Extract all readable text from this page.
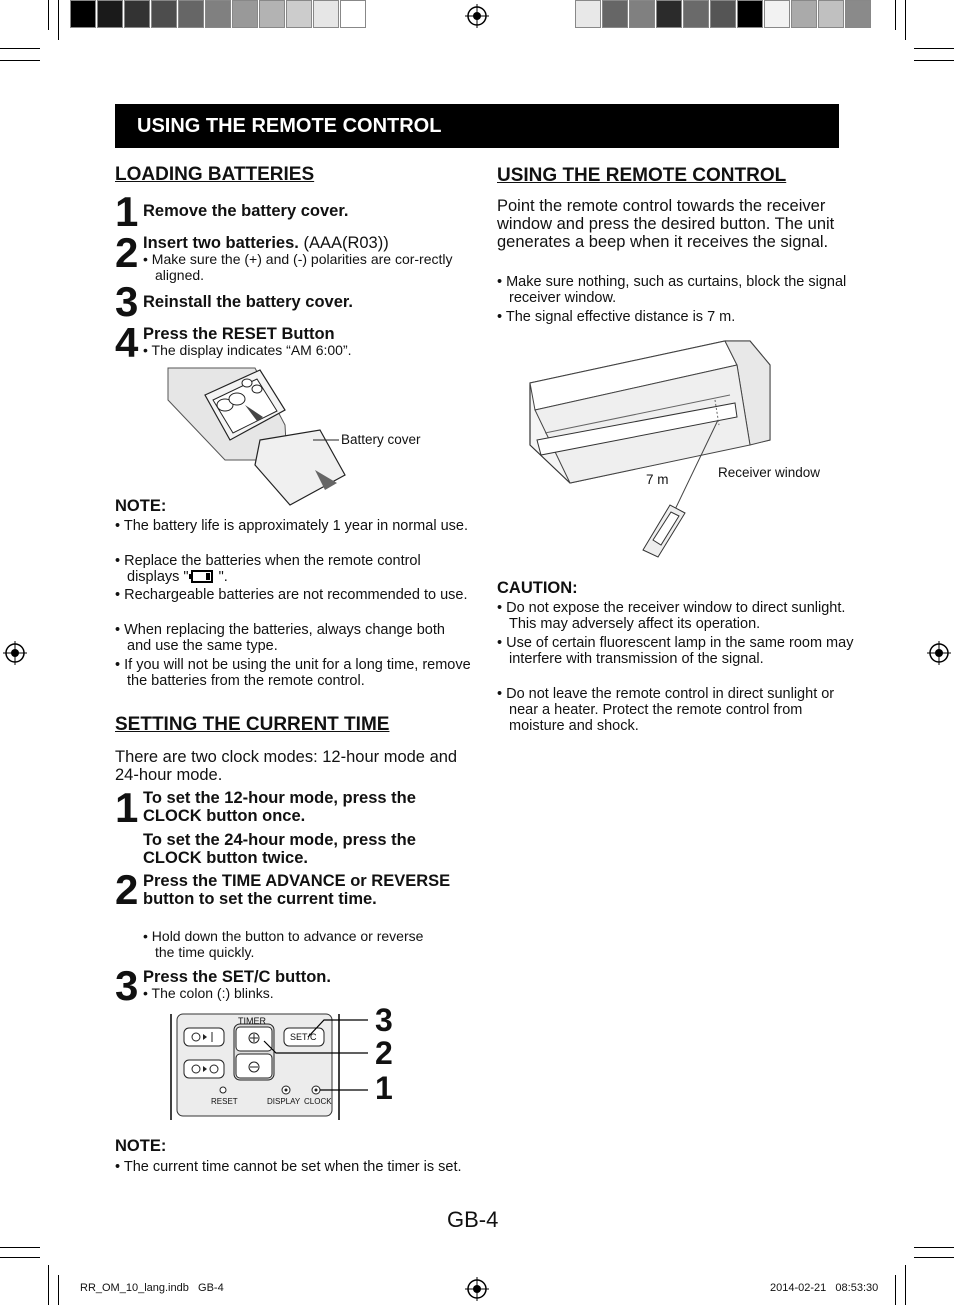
USING THE REMOTE CONTROL
LOADING BATTERIES
1 Remove the battery cover.
2 Insert two batteries. (AAA(R03))
• Make sure the (+) and (-) polarities are cor-rectly aligned.
3 Reinstall the battery cover.
4 Press the RESET Button
• The display indicates “AM 6:00”.
Battery cover
NOTE:
• The battery life is approximately 1 year in normal use.
• Replace the batteries when the remote control displays " ".
• Rechargeable batteries are not recommended to use.
• When replacing the batteries, always change both and use the same type.
• If you will not be using the unit for a long time, remove the batteries from the remote control.
SETTING THE CURRENT TIME
There are two clock modes: 12-hour mode and 24-hour mode.
1 To set the 12-hour mode, press the CLOCK button once.
To set the 24-hour mode, press the CLOCK button twice.
2 Press the TIME ADVANCE or REVERSE button to set the current time.
• Hold down the button to advance or reverse the time quickly.
3 Press the SET/C button.
• The colon (:) blinks.
TIMER
SET/C
RESET	DISPLAY CLOCK
3
2
1
NOTE:
• The current time cannot be set when the timer is set.
USING THE REMOTE CONTROL
Point the remote control towards the receiver window and press the desired button. The unit generates a beep when it receives the signal.
• Make sure nothing, such as curtains, block the signal receiver window.
• The signal effective distance is 7 m.
7 m	Receiver window
CAUTION:
• Do not expose the receiver window to direct sunlight. This may adversely affect its operation.
• Use of certain fluorescent lamp in the same room may interfere with transmission of the signal.
• Do not leave the remote control in direct sunlight or near a heater. Protect the remote control from moisture and shock.
GB-4
RR_OM_10_lang.indb   GB-4	2014-02-21   08:53:30
